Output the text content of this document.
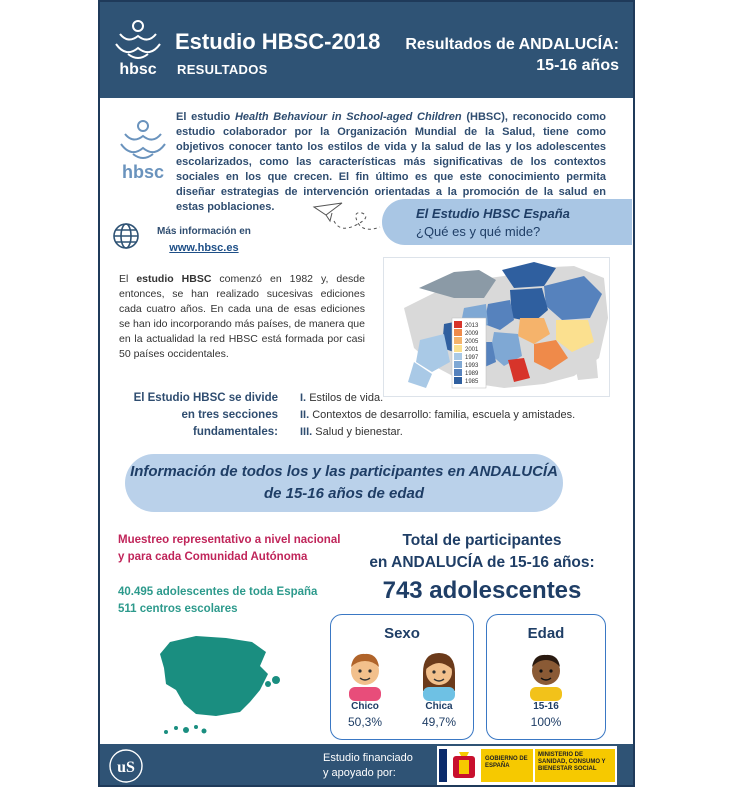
hbsc
Estudio HBSC-2018
RESULTADOS
Resultados de ANDALUCÍA:
15-16 años
hbsc

El estudio Health Behaviour in School-aged Children (HBSC), reconocido como estudio colaborador por la Organización Mundial de la Salud, tiene como objetivos conocer tanto los estilos de vida y la salud de las y los adolescentes escolarizados, como las características más significativas de los contextos sociales en los que crecen. El fin último es que este conocimiento permita diseñar estrategias de intervención orientadas a la promoción de la salud en estas poblaciones.

Más información en
www.hbsc.es
El Estudio HBSC España
¿Qué es y qué mide?

El estudio HBSC comenzó en 1982 y, desde entonces, se han realizado sucesivas ediciones cada cuatro años. En cada una de esas ediciones se han ido incorporando más países, de manera que en la actualidad la red HBSC está formada por casi 50 países occidentales.

2013
2009
2005
2001
1997
1993
1989
1985
El Estudio HBSC se divide en tres secciones fundamentales:
I. Estilos de vida.
II. Contextos de desarrollo: familia, escuela y amistades.
III. Salud y bienestar.
Información de todos los y las participantes en ANDALUCÍA
de 15-16 años de edad
Muestreo representativo a nivel nacional
y para cada Comunidad Autónoma
40.495 adolescentes de toda España
511 centros escolares
Total de participantes
en ANDALUCÍA de 15-16 años:
743 adolescentes
Sexo
Chico
50,3%
Chica
49,7%
Edad
15-16
100%
uS
Estudio financiado
y apoyado por:
GOBIERNO DE ESPAÑA
MINISTERIO DE SANIDAD, CONSUMO Y BIENESTAR SOCIAL
